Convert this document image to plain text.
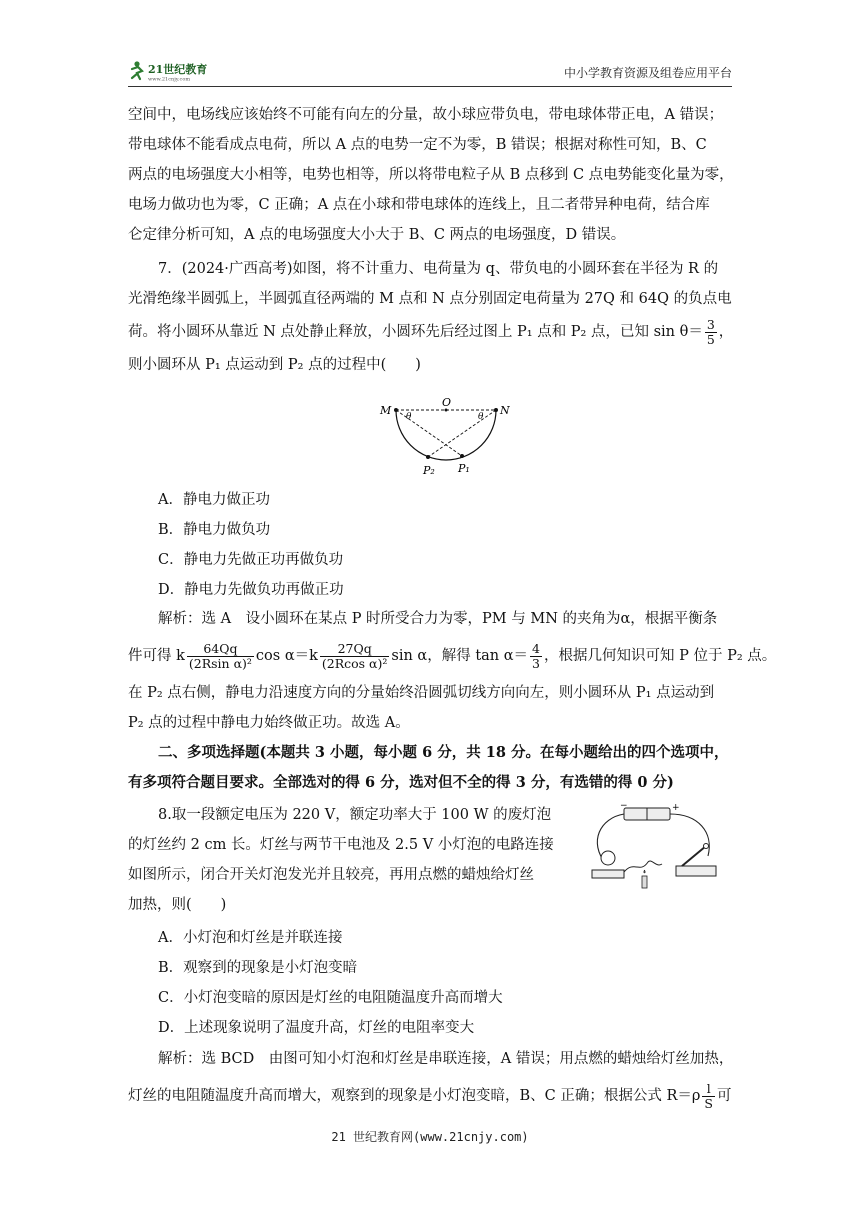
21世纪教育
www.21cnjy.com	中小学教育资源及组卷应用平台
空间中，电场线应该始终不可能有向左的分量，故小球应带负电，带电球体带正电，A 错误；
带电球体不能看成点电荷，所以 A 点的电势一定不为零，B 错误；根据对称性可知，B、C
两点的电场强度大小相等，电势也相等，所以将带电粒子从 B 点移到 C 点电势能变化量为零，
电场力做功也为零，C 正确；A 点在小球和带电球体的连线上，且二者带异种电荷，结合库
仑定律分析可知，A 点的电场强度大小大于 B、C 两点的电场强度，D 错误。
7．(2024·广西高考)如图，将不计重力、电荷量为 q、带负电的小圆环套在半径为 R 的
光滑绝缘半圆弧上，半圆弧直径两端的 M 点和 N 点分别固定电荷量为 27Q 和 64Q 的负点电
荷。将小圆环从靠近 N 点处静止释放，小圆环先后经过图上 P₁ 点和 P₂ 点，已知 $\sin \theta= \frac{3}{5}$ ，
则小圆环从 P₁ 点运动到 P₂ 点的过程中(　　)
M	N
O
P₁
P₂
θ	θ
A．静电力做正功
B．静电力做负功
C．静电力先做正功再做负功
D．静电力先做负功再做正功
解析：选 A　设小圆环在某点 P 时所受合力为零，PM 与 MN 的夹角为α，根据平衡条
件可得 k $\frac{64Qq}{\text{(2Rsin α)²}}$ $\cos \alpha=k \frac{27Qq}{\text{(2Rcos α)²}}$ sin α，解得 $\tan \alpha= \frac{4}{3}$ ，根据几何知识可知 P 位于 P₂ 点。
在 P₂ 点右侧，静电力沿速度方向的分量始终沿圆弧切线方向向左，则小圆环从 P₁ 点运动到
P₂ 点的过程中静电力始终做正功。故选 A。
二、多项选择题(本题共 3 小题，每小题 6 分，共 18 分。在每小题给出的四个选项中，
有多项符合题目要求。全部选对的得 6 分，选对但不全的得 3 分，有选错的得 0 分)
8.取一段额定电压为 220 V，额定功率大于 100 W 的废灯泡
的灯丝约 2 cm 长。灯丝与两节干电池及 2.5 V 小灯泡的电路连接
如图所示，闭合开关灯泡发光并且较亮，再用点燃的蜡烛给灯丝
加热，则(　　)
−	+
A．小灯泡和灯丝是并联连接
B．观察到的现象是小灯泡变暗
C．小灯泡变暗的原因是灯丝的电阻随温度升高而增大
D．上述现象说明了温度升高，灯丝的电阻率变大
解析：选 BCD　由图可知小灯泡和灯丝是串联连接，A 错误；用点燃的蜡烛给灯丝加热，
灯丝的电阻随温度升高而增大，观察到的现象是小灯泡变暗，B、C 正确；根据公式 $R=\rho \frac{l}{S}$ 可
21 世纪教育网(www.21cnjy.com)
